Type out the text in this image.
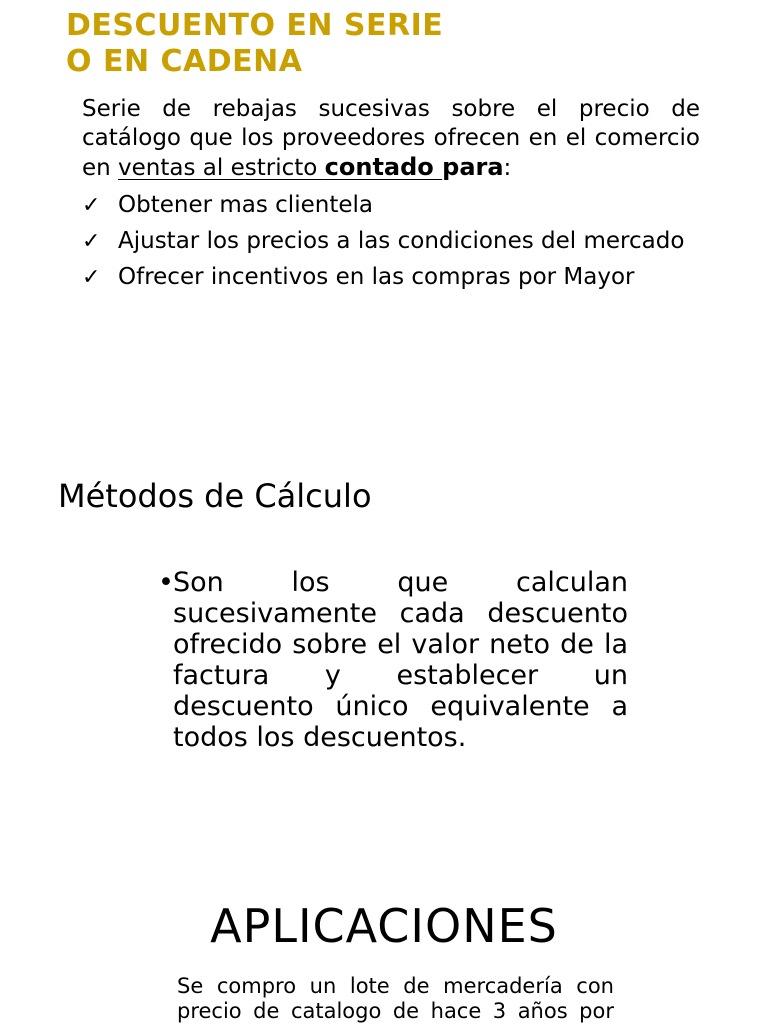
DESCUENTO EN SERIE
O EN CADENA

Serie de rebajas sucesivas sobre el precio de catálogo que los proveedores ofrecen en el comercio en ventas al estricto contado para:

✓ Obtener mas clientela
✓ Ajustar los precios a las condiciones del mercado
✓ Ofrecer incentivos en las compras por Mayor
Métodos de Cálculo
• Son los que calculan sucesivamente cada descuento ofrecido sobre el valor neto de la factura y establecer un descuento único equivalente a todos los descuentos.

APLICACIONES

Se compro un lote de mercadería con precio de catalogo de hace 3 años por
